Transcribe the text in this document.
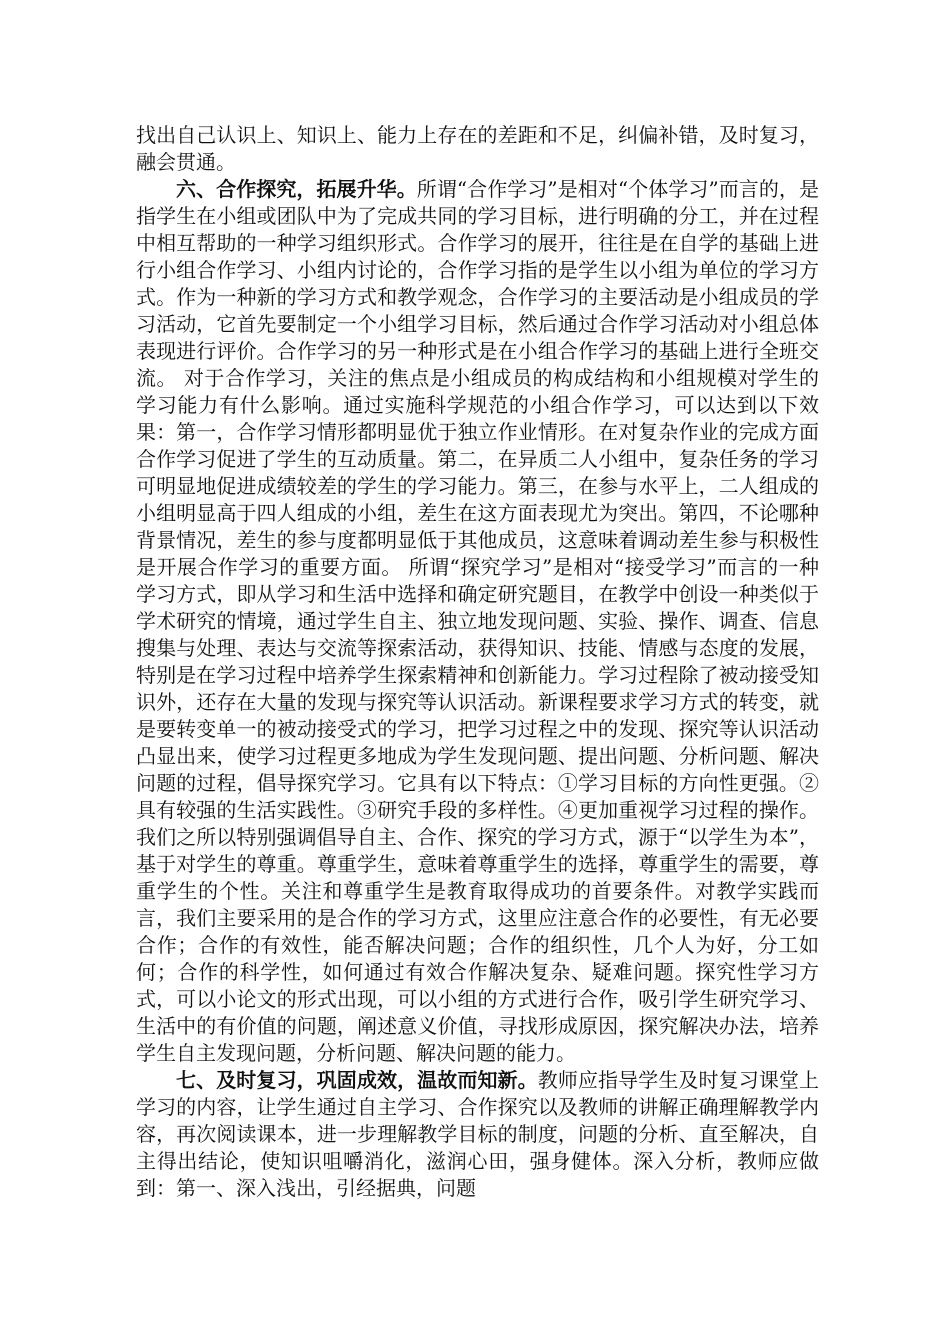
找出自己认识上、知识上、能力上存在的差距和不足，纠偏补错，及时复习，融会贯通。

六、合作探究，拓展升华。所谓“合作学习”是相对“个体学习”而言的，是指学生在小组或团队中为了完成共同的学习目标，进行明确的分工，并在过程中相互帮助的一种学习组织形式。合作学习的展开，往往是在自学的基础上进行小组合作学习、小组内讨论的，合作学习指的是学生以小组为单位的学习方式。作为一种新的学习方式和教学观念，合作学习的主要活动是小组成员的学习活动，它首先要制定一个小组学习目标，然后通过合作学习活动对小组总体表现进行评价。合作学习的另一种形式是在小组合作学习的基础上进行全班交流。 对于合作学习，关注的焦点是小组成员的构成结构和小组规模对学生的学习能力有什么影响。通过实施科学规范的小组合作学习，可以达到以下效果：第一，合作学习情形都明显优于独立作业情形。在对复杂作业的完成方面合作学习促进了学生的互动质量。第二，在异质二人小组中，复杂任务的学习可明显地促进成绩较差的学生的学习能力。第三，在参与水平上，二人组成的小组明显高于四人组成的小组，差生在这方面表现尤为突出。第四，不论哪种背景情况，差生的参与度都明显低于其他成员，这意味着调动差生参与积极性是开展合作学习的重要方面。 所谓“探究学习”是相对“接受学习”而言的一种学习方式，即从学习和生活中选择和确定研究题目，在教学中创设一种类似于学术研究的情境，通过学生自主、独立地发现问题、实验、操作、调查、信息搜集与处理、表达与交流等探索活动，获得知识、技能、情感与态度的发展，特别是在学习过程中培养学生探索精神和创新能力。学习过程除了被动接受知识外，还存在大量的发现与探究等认识活动。新课程要求学习方式的转变，就是要转变单一的被动接受式的学习，把学习过程之中的发现、探究等认识活动凸显出来，使学习过程更多地成为学生发现问题、提出问题、分析问题、解决问题的过程，倡导探究学习。它具有以下特点：①学习目标的方向性更强。②具有较强的生活实践性。③研究手段的多样性。④更加重视学习过程的操作。我们之所以特别强调倡导自主、合作、探究的学习方式，源于“以学生为本”，基于对学生的尊重。尊重学生，意味着尊重学生的选择，尊重学生的需要，尊重学生的个性。关注和尊重学生是教育取得成功的首要条件。对教学实践而言，我们主要采用的是合作的学习方式，这里应注意合作的必要性，有无必要合作；合作的有效性，能否解决问题；合作的组织性，几个人为好，分工如何；合作的科学性，如何通过有效合作解决复杂、疑难问题。探究性学习方式，可以小论文的形式出现，可以小组的方式进行合作，吸引学生研究学习、生活中的有价值的问题，阐述意义价值，寻找形成原因，探究解决办法，培养学生自主发现问题，分析问题、解决问题的能力。

七、及时复习，巩固成效，温故而知新。教师应指导学生及时复习课堂上学习的内容，让学生通过自主学习、合作探究以及教师的讲解正确理解教学内容，再次阅读课本，进一步理解教学目标的制度，问题的分析、直至解决，自主得出结论，使知识咀嚼消化，滋润心田，强身健体。深入分析，教师应做到：第一、深入浅出，引经据典，问题
